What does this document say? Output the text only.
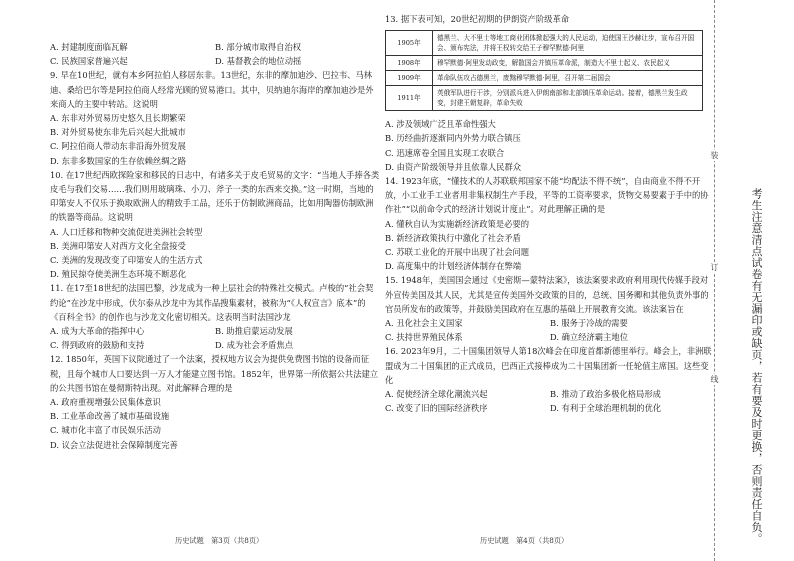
A. 封建制度面临瓦解	B. 部分城市取得自治权
C. 民族国家普遍兴起	D. 基督教会的地位动摇

9. 早在10世纪，就有本乡阿拉伯人移居东非。13世纪，东非的摩加迪沙、巴拉韦、马林迪、桑给巴尔等是阿拉伯商人经常光顾的贸易港口。其中，贝纳迪尔海岸的摩加迪沙是外来商人的主要中转站。这说明

A. 东非对外贸易历史悠久且长期繁荣
B. 对外贸易使东非先后兴起大批城市
C. 阿拉伯商人带动东非沿海外贸发展
D. 东非多数国家的生存依赖丝绸之路

10. 在17世纪西欧探险家和移民的日志中，有诸多关于皮毛贸易的文字：“当地人手捧各类皮毛与我们交易……我们则用玻璃珠、小刀、斧子一类的东西来交换。”这一时期，当地的印第安人不仅乐于换取欧洲人的精致手工品，还乐于仿制欧洲商品，比如用陶器仿制欧洲的铁器等商品。这说明

A. 人口迁移和物种交流促进美洲社会转型
B. 美洲印第安人对西方文化全盘接受
C. 美洲的发现改变了印第安人的生活方式
D. 殖民掠夺使美洲生态环境不断恶化

11. 在17至18世纪的法国巴黎，沙龙成为一种上层社会的特殊社交模式。卢梭的“社会契约论”在沙龙中形成，伏尔泰从沙龙中为其作品搜集素材，被称为“《人权宣言》底本”的《百科全书》的创作也与沙龙文化密切相关。这表明当时法国沙龙

A. 成为大革命的指挥中心	B. 助推启蒙运动发展
C. 得到政府的鼓励和支持	D. 成为社会矛盾焦点

12. 1850年，英国下议院通过了一个法案，授权地方议会为提供免费图书馆的设备而征税，且每个城市人口要达到一万人才能建立图书馆。1852年，世界第一所依据公共法建立的公共图书馆在曼彻斯特出现。对此解释合理的是

A. 政府重视增强公民集体意识
B. 工业革命改善了城市基础设施
C. 城市化丰富了市民娱乐活动
D. 议会立法促进社会保障制度完善

13. 据下表可知，20世纪初期的伊朗资产阶级革命

1905年	德黑兰、大不里士等地工商业团体掀起强大的人民运动，迫使国王沙赫让步，宣布召开国会、颁布宪法，并将王权转交给王子穆罕默德·阿里
1908年	穆罕默德·阿里发动政变，解散国会并镇压革命派，制造大不里士起义、农民起义
1909年	革命队伍攻占德黑兰，废黜穆罕默德·阿里，召开第二届国会
1911年	英俄军队进行干涉，分别派兵进入伊朗南部和北部镇压革命运动。接着，德黑兰发生政变，封建王朝复辟，革命失败
A. 涉及领域广泛且革命性强大
B. 历经曲折逐渐同内外势力联合镇压
C. 迅速席卷全国且实现工农联合
D. 由资产阶级领导并且依靠人民群众

14. 1923年底，“懂技术的人苏联联邦国家不能“均配法不得不统”，自由商业不得不开放，小工业手工业者用非集权制生产手段，平等的工资率要求，货物交易要素于手中的协作社”“以前命令式的经济计划说计度止”。对此理解正确的是

A. 懂秋自认为实施新经济政策是必要的
B. 新经济政策执行中激化了社会矛盾
C. 苏联工业化的开展中出现了社会问题
D. 高度集中的计划经济体制存在弊端

15. 1948年，美国国会通过《史密斯—蒙特法案》，该法案要求政府利用现代传媒手段对外宣传美国及其人民，尤其是宣传美国外交政策的目的，总统、国务卿和其他负责外事的官员所发布的政策等，并鼓励美国政府在互惠的基础上开展教育交流。该法案旨在

A. 丑化社会主义国家	B. 服务于冷战的需要
C. 扶持世界殖民体系	D. 确立经济霸主地位

16. 2023年9月，二十国集团领导人第18次峰会在印度首都新德里举行。峰会上，非洲联盟成为二十国集团的正式成员，巴西正式接棒成为二十国集团新一任轮值主席国。这些变化

A. 促使经济全球化潮流兴起	B. 推动了政治多极化格局形成
C. 改变了旧的国际经济秩序	D. 有利于全球治理机制的优化
历史试题　第3页（共8页）	历史试题　第4页（共8页）
装
订
线	考生注意清点试卷有无漏印或缺页，若有要及时更换，否则责任自负。
